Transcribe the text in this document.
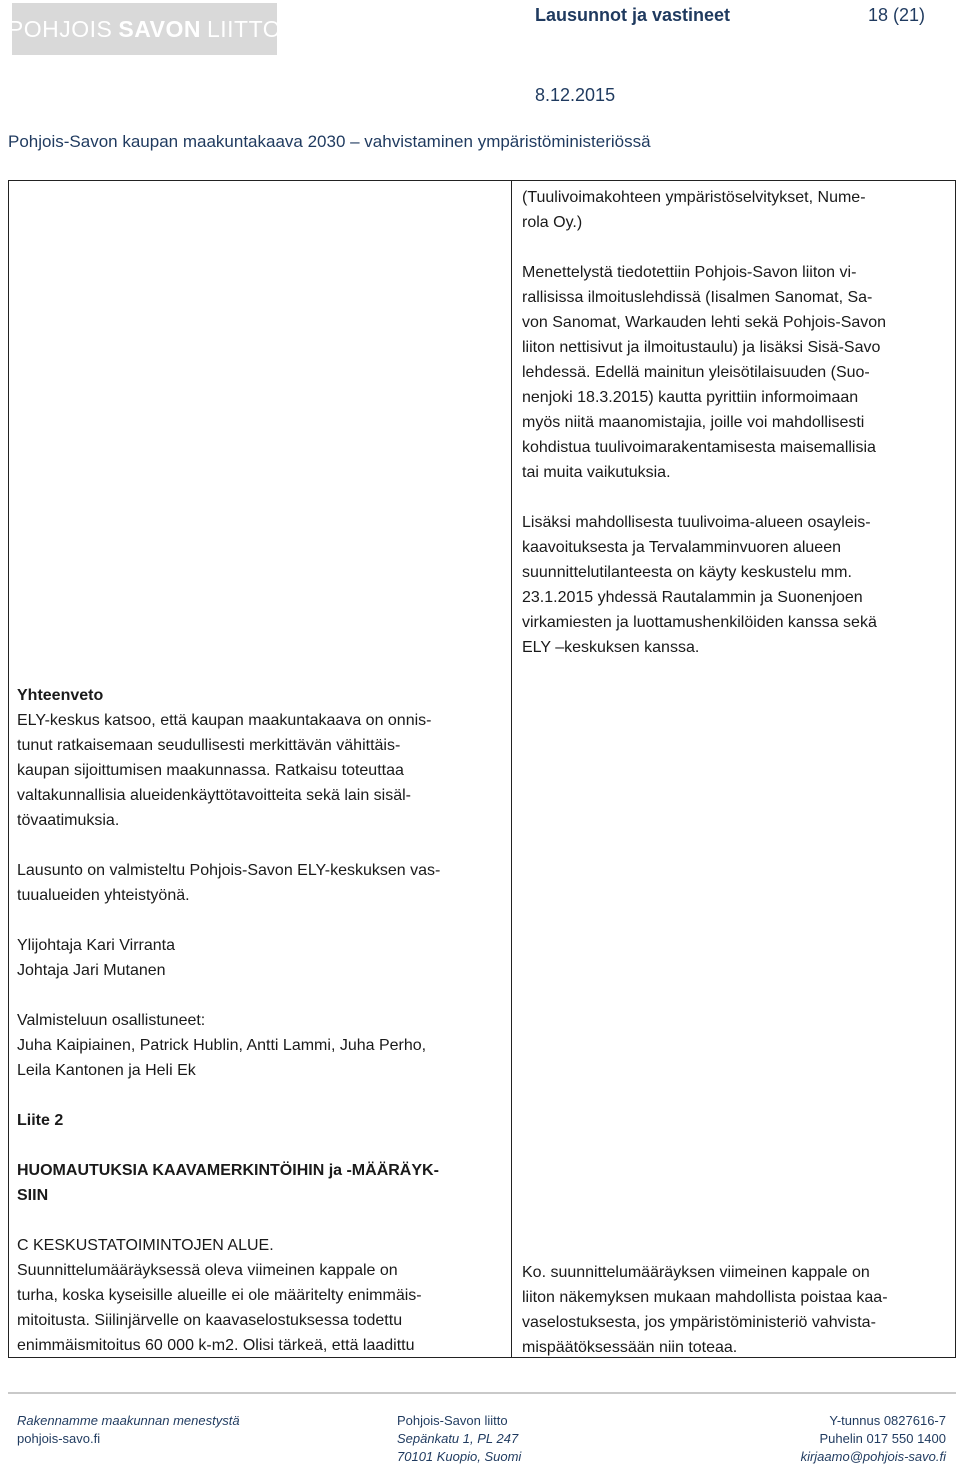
POHJOIS SAVON LIITTO
Lausunnot ja vastineet	18 (21)
8.12.2015
Pohjois-Savon kaupan maakuntakaava 2030 – vahvistaminen ympäristöministeriössä

(Tuulivoimakohteen ympäristöselvitykset, Nume-
rola Oy.)

Menettelystä tiedotettiin Pohjois-Savon liiton vi-
rallisissa ilmoituslehdissä (Iisalmen Sanomat, Sa-
von Sanomat, Warkauden lehti sekä Pohjois-Savon
liiton nettisivut ja ilmoitustaulu) ja lisäksi Sisä-Savo
lehdessä. Edellä mainitun yleisötilaisuuden (Suo-
nenjoki 18.3.2015) kautta pyrittiin informoimaan
myös niitä maanomistajia, joille voi mahdollisesti
kohdistua tuulivoimarakentamisesta maisemallisia
tai muita vaikutuksia.

Lisäksi mahdollisesta tuulivoima-alueen osayleis-
kaavoituksesta ja Tervalamminvuoren alueen
suunnittelutilanteesta on käyty keskustelu mm.
23.1.2015 yhdessä Rautalammin ja Suonenjoen
virkamiesten ja luottamushenkilöiden kanssa sekä
ELY –keskuksen kanssa.

Yhteenveto

ELY-keskus katsoo, että kaupan maakuntakaava on onnis-
tunut ratkaisemaan seudullisesti merkittävän vähittäis-
kaupan sijoittumisen maakunnassa. Ratkaisu toteuttaa
valtakunnallisia alueidenkäyttötavoitteita sekä lain sisäl-
tövaatimuksia.

Lausunto on valmisteltu Pohjois-Savon ELY-keskuksen vas-
tuualueiden yhteistyönä.

Ylijohtaja Kari Virranta

Johtaja Jari Mutanen

Valmisteluun osallistuneet:

Juha Kaipiainen, Patrick Hublin, Antti Lammi, Juha Perho,
Leila Kantonen ja Heli Ek

Liite 2

HUOMAUTUKSIA KAAVAMERKINTÖIHIN ja -MÄÄRÄYK-
SIIN

C KESKUSTATOIMINTOJEN ALUE.

Suunnittelumääräyksessä oleva viimeinen kappale on
turha, koska kyseisille alueille ei ole määritelty enimmäis-
mitoitusta. Siilinjärvelle on kaavaselostuksessa todettu
enimmäismitoitus 60 000 k-m2. Olisi tärkeä, että laadittu

Ko. suunnittelumääräyksen viimeinen kappale on
liiton näkemyksen mukaan mahdollista poistaa kaa-
vaselostuksesta, jos ympäristöministeriö vahvista-
mispäätöksessään niin toteaa.

Rakennamme maakunnan menestystä

pohjois-savo.fi

Pohjois-Savon liitto

Sepänkatu 1, PL 247

70101 Kuopio, Suomi

Y-tunnus 0827616-7

Puhelin 017 550 1400

kirjaamo@pohjois-savo.fi
